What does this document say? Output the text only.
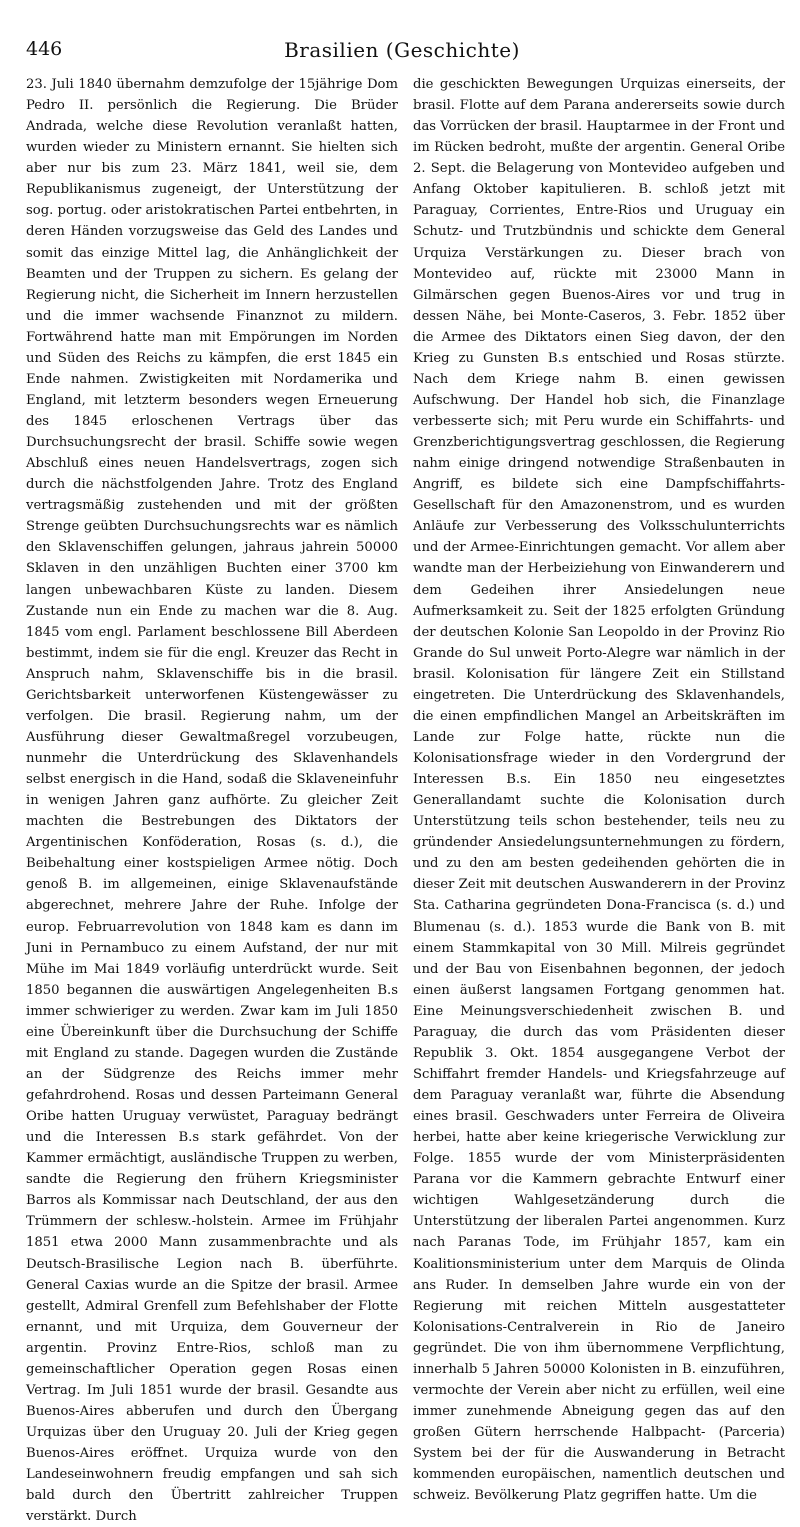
446	Brasilien (Geschichte)

23. Juli 1840 übernahm demzufolge der 15jährige Dom Pedro II. persönlich die Regierung. Die Brüder Andrada, welche diese Revolution veranlaßt hatten, wurden wieder zu Ministern ernannt. Sie hielten sich aber nur bis zum 23. März 1841, weil sie, dem Republikanismus zugeneigt, der Unterstützung der sog. portug. oder aristokratischen Partei entbehrten, in deren Händen vorzugsweise das Geld des Landes und somit das einzige Mittel lag, die Anhänglichkeit der Beamten und der Truppen zu sichern. Es gelang der Regierung nicht, die Sicherheit im Innern herzustellen und die immer wachsende Finanznot zu mildern. Fortwährend hatte man mit Empörungen im Norden und Süden des Reichs zu kämpfen, die erst 1845 ein Ende nahmen. Zwistigkeiten mit Nordamerika und England, mit letzterm besonders wegen Erneuerung des 1845 erloschenen Vertrags über das Durchsuchungsrecht der brasil. Schiffe sowie wegen Abschluß eines neuen Handelsvertrags, zogen sich durch die nächstfolgenden Jahre. Trotz des England vertragsmäßig zustehenden und mit der größten Strenge geübten Durchsuchungsrechts war es nämlich den Sklavenschiffen gelungen, jahraus jahrein 50000 Sklaven in den unzähligen Buchten einer 3700 km langen unbewachbaren Küste zu landen. Diesem Zustande nun ein Ende zu machen war die 8. Aug. 1845 vom engl. Parlament beschlossene Bill Aberdeen bestimmt, indem sie für die engl. Kreuzer das Recht in Anspruch nahm, Sklavenschiffe bis in die brasil. Gerichtsbarkeit unterworfenen Küstengewässer zu verfolgen. Die brasil. Regierung nahm, um der Ausführung dieser Gewaltmaßregel vorzubeugen, nunmehr die Unterdrückung des Sklavenhandels selbst energisch in die Hand, sodaß die Sklaveneinfuhr in wenigen Jahren ganz aufhörte. Zu gleicher Zeit machten die Bestrebungen des Diktators der Argentinischen Konföderation, Rosas (s. d.), die Beibehaltung einer kostspieligen Armee nötig. Doch genoß B. im allgemeinen, einige Sklavenaufstände abgerechnet, mehrere Jahre der Ruhe. Infolge der europ. Februarrevolution von 1848 kam es dann im Juni in Pernambuco zu einem Aufstand, der nur mit Mühe im Mai 1849 vorläufig unterdrückt wurde. Seit 1850 begannen die auswärtigen Angelegenheiten B.s immer schwieriger zu werden. Zwar kam im Juli 1850 eine Übereinkunft über die Durchsuchung der Schiffe mit England zu stande. Dagegen wurden die Zustände an der Südgrenze des Reichs immer mehr gefahrdrohend. Rosas und dessen Parteimann General Oribe hatten Uruguay verwüstet, Paraguay bedrängt und die Interessen B.s stark gefährdet. Von der Kammer ermächtigt, ausländische Truppen zu werben, sandte die Regierung den frühern Kriegsminister Barros als Kommissar nach Deutschland, der aus den Trümmern der schlesw.-holstein. Armee im Frühjahr 1851 etwa 2000 Mann zusammenbrachte und als Deutsch-Brasilische Legion nach B. überführte. General Caxias wurde an die Spitze der brasil. Armee gestellt, Admiral Grenfell zum Befehlshaber der Flotte ernannt, und mit Urquiza, dem Gouverneur der argentin. Provinz Entre-Rios, schloß man zu gemeinschaftlicher Operation gegen Rosas einen Vertrag. Im Juli 1851 wurde der brasil. Gesandte aus Buenos-Aires abberufen und durch den Übergang Urquizas über den Uruguay 20. Juli der Krieg gegen Buenos-Aires eröffnet. Urquiza wurde von den Landeseinwohnern freudig empfangen und sah sich bald durch den Übertritt zahlreicher Truppen verstärkt. Durch

die geschickten Bewegungen Urquizas einerseits, der brasil. Flotte auf dem Parana andererseits sowie durch das Vorrücken der brasil. Hauptarmee in der Front und im Rücken bedroht, mußte der argentin. General Oribe 2. Sept. die Belagerung von Montevideo aufgeben und Anfang Oktober kapitulieren. B. schloß jetzt mit Paraguay, Corrientes, Entre-Rios und Uruguay ein Schutz- und Trutzbündnis und schickte dem General Urquiza Verstärkungen zu. Dieser brach von Montevideo auf, rückte mit 23000 Mann in Gilmärschen gegen Buenos-Aires vor und trug in dessen Nähe, bei Monte-Caseros, 3. Febr. 1852 über die Armee des Diktators einen Sieg davon, der den Krieg zu Gunsten B.s entschied und Rosas stürzte. Nach dem Kriege nahm B. einen gewissen Aufschwung. Der Handel hob sich, die Finanzlage verbesserte sich; mit Peru wurde ein Schiffahrts- und Grenzberichtigungsvertrag geschlossen, die Regierung nahm einige dringend notwendige Straßenbauten in Angriff, es bildete sich eine Dampfschiffahrts-Gesellschaft für den Amazonenstrom, und es wurden Anläufe zur Verbesserung des Volksschulunterrichts und der Armee-Einrichtungen gemacht. Vor allem aber wandte man der Herbeiziehung von Einwanderern und dem Gedeihen ihrer Ansiedelungen neue Aufmerksamkeit zu. Seit der 1825 erfolgten Gründung der deutschen Kolonie San Leopoldo in der Provinz Rio Grande do Sul unweit Porto-Alegre war nämlich in der brasil. Kolonisation für längere Zeit ein Stillstand eingetreten. Die Unterdrückung des Sklavenhandels, die einen empfindlichen Mangel an Arbeitskräften im Lande zur Folge hatte, rückte nun die Kolonisationsfrage wieder in den Vordergrund der Interessen B.s. Ein 1850 neu eingesetztes Generallandamt suchte die Kolonisation durch Unterstützung teils schon bestehender, teils neu zu gründender Ansiedelungsunternehmungen zu fördern, und zu den am besten gedeihenden gehörten die in dieser Zeit mit deutschen Auswanderern in der Provinz Sta. Catharina gegründeten Dona-Francisca (s. d.) und Blumenau (s. d.). 1853 wurde die Bank von B. mit einem Stammkapital von 30 Mill. Milreis gegründet und der Bau von Eisenbahnen begonnen, der jedoch einen äußerst langsamen Fortgang genommen hat. Eine Meinungsverschiedenheit zwischen B. und Paraguay, die durch das vom Präsidenten dieser Republik 3. Okt. 1854 ausgegangene Verbot der Schiffahrt fremder Handels- und Kriegsfahrzeuge auf dem Paraguay veranlaßt war, führte die Absendung eines brasil. Geschwaders unter Ferreira de Oliveira herbei, hatte aber keine kriegerische Verwicklung zur Folge. 1855 wurde der vom Ministerpräsidenten Parana vor die Kammern gebrachte Entwurf einer wichtigen Wahlgesetzänderung durch die Unterstützung der liberalen Partei angenommen. Kurz nach Paranas Tode, im Frühjahr 1857, kam ein Koalitionsministerium unter dem Marquis de Olinda ans Ruder. In demselben Jahre wurde ein von der Regierung mit reichen Mitteln ausgestatteter Kolonisations-Centralverein in Rio de Janeiro gegründet. Die von ihm übernommene Verpflichtung, innerhalb 5 Jahren 50000 Kolonisten in B. einzuführen, vermochte der Verein aber nicht zu erfüllen, weil eine immer zunehmende Abneigung gegen das auf den großen Gütern herrschende Halbpacht- (Parceria) System bei der für die Auswanderung in Betracht kommenden europäischen, namentlich deutschen und schweiz. Bevölkerung Platz gegriffen hatte. Um die
